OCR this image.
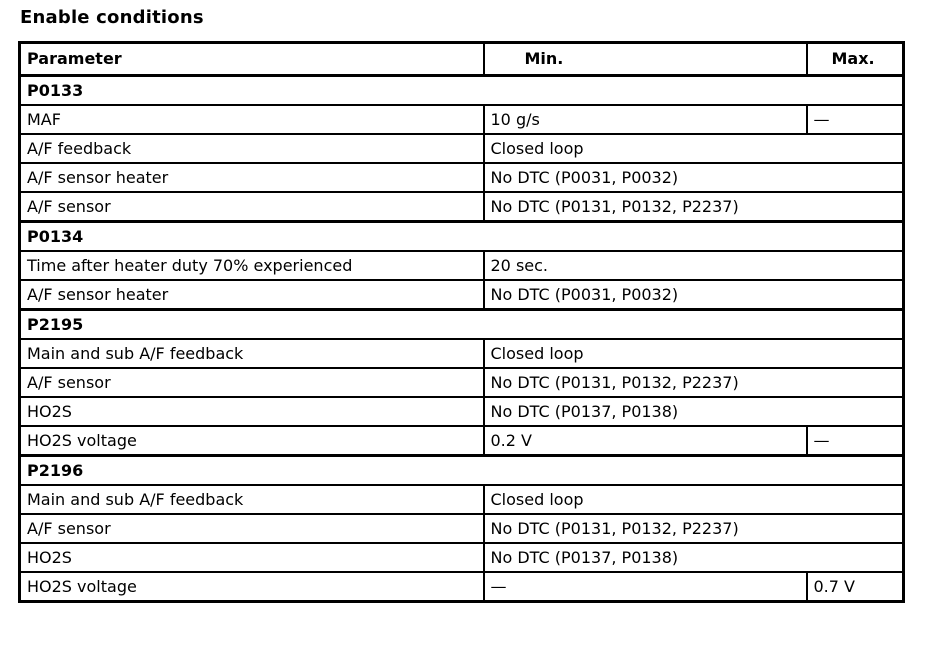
Enable conditions
Parameter	Min.	Max.
P0133		
MAF	10 g/s	—
A/F feedback	Closed loop	
A/F sensor heater	No DTC (P0031, P0032)	
A/F sensor	No DTC (P0131, P0132, P2237)	
P0134		
Time after heater duty 70% experienced	20 sec.	
A/F sensor heater	No DTC (P0031, P0032)	
P2195		
Main and sub A/F feedback	Closed loop	
A/F sensor	No DTC (P0131, P0132, P2237)	
HO2S	No DTC (P0137, P0138)	
HO2S voltage	0.2 V	—
P2196		
Main and sub A/F feedback	Closed loop	
A/F sensor	No DTC (P0131, P0132, P2237)	
HO2S	No DTC (P0137, P0138)	
HO2S voltage	—	0.7 V
